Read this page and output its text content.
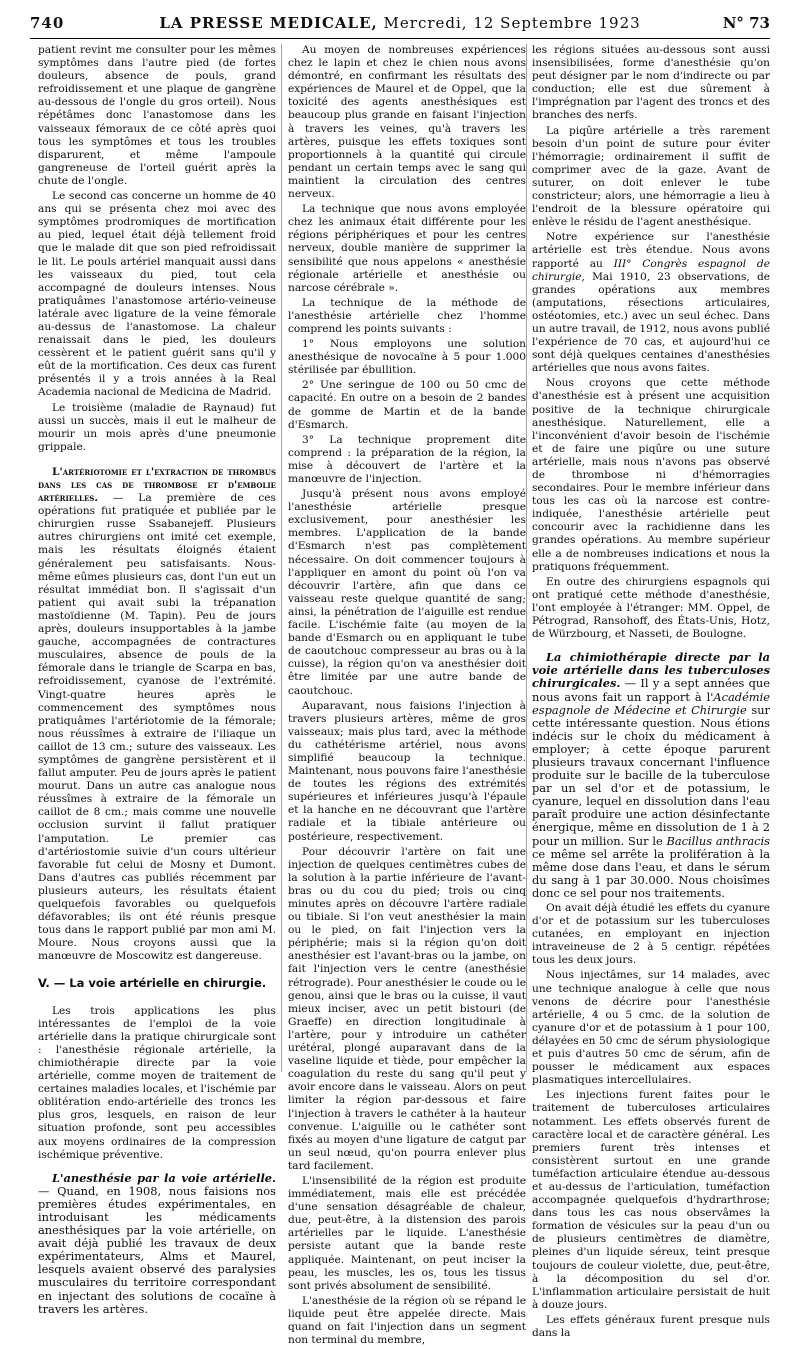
740	LA PRESSE MEDICALE, Mercredi, 12 Septembre 1923	N° 73

patient revint me consulter pour les mêmes symptômes dans l'autre pied (de fortes douleurs, absence de pouls, grand refroidissement et une plaque de gangrène au-dessous de l'ongle du gros orteil). Nous répétâmes donc l'anastomose dans les vaisseaux fémoraux de ce côté après quoi tous les symptômes et tous les troubles disparurent, et même l'ampoule gangreneuse de l'orteil guérit après la chute de l'ongle.

Le second cas concerne un homme de 40 ans qui se présenta chez moi avec des symptômes prodromiques de mortification au pied, lequel était déjà tellement froid que le malade dit que son pied refroidissait le lit. Le pouls artériel manquait aussi dans les vaisseaux du pied, tout cela accompagné de douleurs intenses. Nous pratiquâmes l'anastomose artério-veineuse latérale avec ligature de la veine fémorale au-dessus de l'anastomose. La chaleur renaissait dans le pied, les douleurs cessèrent et le patient guérit sans qu'il y eût de la mortification. Ces deux cas furent présentés il y a trois années à la Real Academia nacional de Medicina de Madrid.

Le troisième (maladie de Raynaud) fut aussi un succès, mais il eut le malheur de mourir un mois après d'une pneumonie grippale.

L'artériotomie et l'extraction de thrombus dans les cas de thrombose et d'embolie artérielles. — La première de ces opérations fut pratiquée et publiée par le chirurgien russe Ssabanejeff. Plusieurs autres chirurgiens ont imité cet exemple, mais les résultats éloignés étaient généralement peu satisfaisants. Nous-même eûmes plusieurs cas, dont l'un eut un résultat immédiat bon. Il s'agissait d'un patient qui avait subi la trépanation mastoïdienne (M. Tapin). Peu de jours après, douleurs insupportables à la jambe gauche, accompagnées de contractures musculaires, absence de pouls de la fémorale dans le triangle de Scarpa en bas, refroidissement, cyanose de l'extrémité. Vingt-quatre heures après le commencement des symptômes nous pratiquâmes l'artériotomie de la fémorale; nous réussîmes à extraire de l'iliaque un caillot de 13 cm.; suture des vaisseaux. Les symptômes de gangrène persistèrent et il fallut amputer. Peu de jours après le patient mourut. Dans un autre cas analogue nous réussîmes à extraire de la fémorale un caillot de 8 cm.; mais comme une nouvelle occlusion survint il fallut pratiquer l'amputation. Le premier cas d'artériostomie suivie d'un cours ultérieur favorable fut celui de Mosny et Dumont. Dans d'autres cas publiés récemment par plusieurs auteurs, les résultats étaient quelquefois favorables ou quelquefois défavorables; ils ont été réunis presque tous dans le rapport publié par mon ami M. Moure. Nous croyons aussi que la manœuvre de Moscowitz est dangereuse.

V. — La voie artérielle en chirurgie.

Les trois applications les plus intéressantes de l'emploi de la voie artérielle dans la pratique chirurgicale sont : l'anesthésie régionale artérielle, la chimiothérapie directe par la voie artérielle, comme moyen de traitement de certaines maladies locales, et l'ischémie par oblitération endo-artérielle des troncs les plus gros, lesquels, en raison de leur situation profonde, sont peu accessibles aux moyens ordinaires de la compression ischémique préventive.

L'anesthésie par la voie artérielle. — Quand, en 1908, nous faisions nos premières études expérimentales, en introduisant les médicaments anesthésiques par la voie artérielle, on avait déjà publié les travaux de deux expérimentateurs, Alms et Maurel, lesquels avaient observé des paralysies musculaires du territoire correspondant en injectant des solutions de cocaïne à travers les artères.

Au moyen de nombreuses expériences chez le lapin et chez le chien nous avons démontré, en confirmant les résultats des expériences de Maurel et de Oppel, que la toxicité des agents anesthésiques est beaucoup plus grande en faisant l'injection à travers les veines, qu'à travers les artères, puisque les effets toxiques sont proportionnels à la quantité qui circule pendant un certain temps avec le sang qui maintient la circulation des centres nerveux.

La technique que nous avons employée chez les animaux était différente pour les régions périphériques et pour les centres nerveux, double manière de supprimer la sensibilité que nous appelons « anesthésie régionale artérielle et anesthésie ou narcose cérébrale ».

La technique de la méthode de l'anesthésie artérielle chez l'homme comprend les points suivants :

1° Nous employons une solution anesthésique de novocaïne à 5 pour 1.000 stérilisée par ébullition.

2° Une seringue de 100 ou 50 cmc de capacité. En outre on a besoin de 2 bandes de gomme de Martin et de la bande d'Esmarch.

3° La technique proprement dite comprend : la préparation de la région, la mise à découvert de l'artère et la manœuvre de l'injection.

Jusqu'à présent nous avons employé l'anesthésie artérielle presque exclusivement, pour anesthésier les membres. L'application de la bande d'Esmarch n'est pas complètement nécessaire. On doit commencer toujours à l'appliquer en amont du point où l'on va découvrir l'artère, afin que dans ce vaisseau reste quelque quantité de sang; ainsi, la pénétration de l'aiguille est rendue facile. L'ischémie faite (au moyen de la bande d'Esmarch ou en appliquant le tube de caoutchouc compresseur au bras ou à la cuisse), la région qu'on va anesthésier doit être limitée par une autre bande de caoutchouc.

Auparavant, nous faisions l'injection à travers plusieurs artères, même de gros vaisseaux; mais plus tard, avec la méthode du cathétérisme artériel, nous avons simplifié beaucoup la technique. Maintenant, nous pouvons faire l'anesthésie de toutes les régions des extrémités supérieures et inférieures jusqu'à l'épaule et la hanche en ne découvrant que l'artère radiale et la tibiale antérieure ou postérieure, respectivement.

Pour découvrir l'artère on fait une injection de quelques centimètres cubes de la solution à la partie inférieure de l'avant-bras ou du cou du pied; trois ou cinq minutes après on découvre l'artère radiale ou tibiale. Si l'on veut anesthésier la main ou le pied, on fait l'injection vers la périphérie; mais si la région qu'on doit anesthésier est l'avant-bras ou la jambe, on fait l'injection vers le centre (anesthésie rétrograde). Pour anesthésier le coude ou le genou, ainsi que le bras ou la cuisse, il vaut mieux inciser, avec un petit bistouri (de Graeffe) en direction longitudinale à l'artère, pour y introduire un cathéter urétéral, plongé auparavant dans de la vaseline liquide et tiède, pour empêcher la coagulation du reste du sang qu'il peut y avoir encore dans le vaisseau. Alors on peut limiter la région par-dessous et faire l'injection à travers le cathéter à la hauteur convenue. L'aiguille ou le cathéter sont fixés au moyen d'une ligature de catgut par un seul nœud, qu'on pourra enlever plus tard facilement.

L'insensibilité de la région est produite immédiatement, mais elle est précédée d'une sensation désagréable de chaleur, due, peut-être, à la distension des parois artérielles par le liquide. L'anesthésie persiste autant que la bande reste appliquée. Maintenant, on peut inciser la peau, les muscles, les os, tous les tissus sont privés absolument de sensibilité.

L'anesthésie de la région où se répand le liquide peut être appelée directe. Mais quand on fait l'injection dans un segment non terminal du membre,

les régions situées au-dessous sont aussi insensibilisées, forme d'anesthésie qu'on peut désigner par le nom d'indirecte ou par conduction; elle est due sûrement à l'imprégnation par l'agent des troncs et des branches des nerfs.

La piqûre artérielle a très rarement besoin d'un point de suture pour éviter l'hémorragie; ordinairement il suffit de comprimer avec de la gaze. Avant de suturer, on doit enlever le tube constricteur; alors, une hémorragie a lieu à l'endroit de la blessure opératoire qui enlève le résidu de l'agent anesthésique.

Notre expérience sur l'anesthésie artérielle est très étendue. Nous avons rapporté au III° Congrès espagnol de chirurgie, Mai 1910, 23 observations, de grandes opérations aux membres (amputations, résections articulaires, ostéotomies, etc.) avec un seul échec. Dans un autre travail, de 1912, nous avons publié l'expérience de 70 cas, et aujourd'hui ce sont déjà quelques centaines d'anesthésies artérielles que nous avons faites.

Nous croyons que cette méthode d'anesthésie est à présent une acquisition positive de la technique chirurgicale anesthésique. Naturellement, elle a l'inconvénient d'avoir besoin de l'ischémie et de faire une piqûre ou une suture artérielle, mais nous n'avons pas observé de thrombose ni d'hémorragies secondaires. Pour le membre inférieur dans tous les cas où la narcose est contre-indiquée, l'anesthésie artérielle peut concourir avec la rachidienne dans les grandes opérations. Au membre supérieur elle a de nombreuses indications et nous la pratiquons fréquemment.

En outre des chirurgiens espagnols qui ont pratiqué cette méthode d'anesthésie, l'ont employée à l'étranger: MM. Oppel, de Pétrograd, Ransohoff, des États-Unis, Hotz, de Würzbourg, et Nasseti, de Boulogne.

La chimiothérapie directe par la voie artérielle dans les tuberculoses chirurgicales. — Il y a sept années que nous avons fait un rapport à l'Académie espagnole de Médecine et Chirurgie sur cette intéressante question. Nous étions indécis sur le choix du médicament à employer; à cette époque parurent plusieurs travaux concernant l'influence produite sur le bacille de la tuberculose par un sel d'or et de potassium, le cyanure, lequel en dissolution dans l'eau paraît produire une action désinfectante énergique, même en dissolution de 1 à 2 pour un million. Sur le Bacillus anthracis ce même sel arrête la prolifération à la même dose dans l'eau, et dans le sérum du sang à 1 par 30.000. Nous choisîmes donc ce sel pour nos traitements.

On avait déjà étudié les effets du cyanure d'or et de potassium sur les tuberculoses cutanées, en employant en injection intraveineuse de 2 à 5 centigr. répétées tous les deux jours.

Nous injectâmes, sur 14 malades, avec une technique analogue à celle que nous venons de décrire pour l'anesthésie artérielle, 4 ou 5 cmc. de la solution de cyanure d'or et de potassium à 1 pour 100, délayées en 50 cmc de sérum physiologique et puis d'autres 50 cmc de sérum, afin de pousser le médicament aux espaces plasmatiques intercellulaires.

Les injections furent faites pour le traitement de tuberculoses articulaires notamment. Les effets observés furent de caractère local et de caractère général. Les premiers furent très intenses et consistèrent surtout en une grande tuméfaction articulaire étendue au-dessous et au-dessus de l'articulation, tuméfaction accompagnée quelquefois d'hydrarthrose; dans tous les cas nous observâmes la formation de vésicules sur la peau d'un ou de plusieurs centimètres de diamètre, pleines d'un liquide séreux, teint presque toujours de couleur violette, due, peut-être, à la décomposition du sel d'or. L'inflammation articulaire persistait de huit à douze jours.

Les effets généraux furent presque nuls dans la
